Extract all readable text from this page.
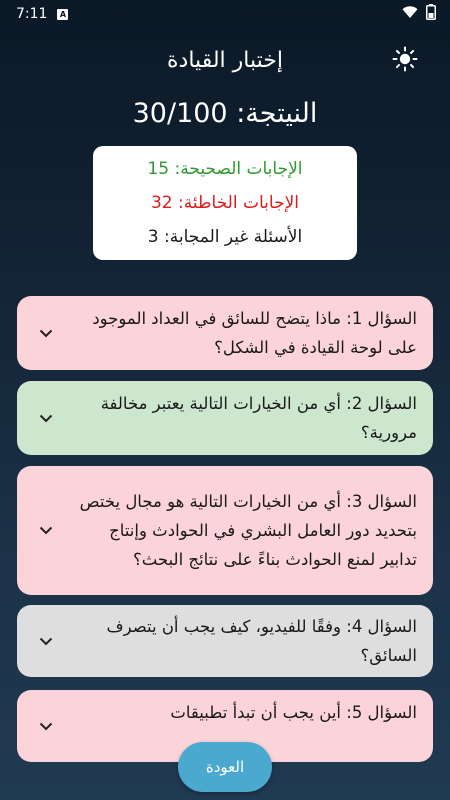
7:11 A
إختبار القيادة
النيتجة: 30/100
الإجابات الصحيحة: 15
الإجابات الخاطئة: 32
الأسئلة غير المجابة: 3
السؤال 1: ماذا يتضح للسائق في العداد الموجود على لوحة القيادة في الشكل؟
السؤال 2: أي من الخيارات التالية يعتبر مخالفة مرورية؟
السؤال 3: أي من الخيارات التالية هو مجال يختص بتحديد دور العامل البشري في الحوادث وإنتاج تدابير لمنع الحوادث بناءً على نتائج البحث؟
السؤال 4: وفقًا للفيديو، كيف يجب أن يتصرف السائق؟
السؤال 5: أين يجب أن تبدأ تطبيقات
العودة
